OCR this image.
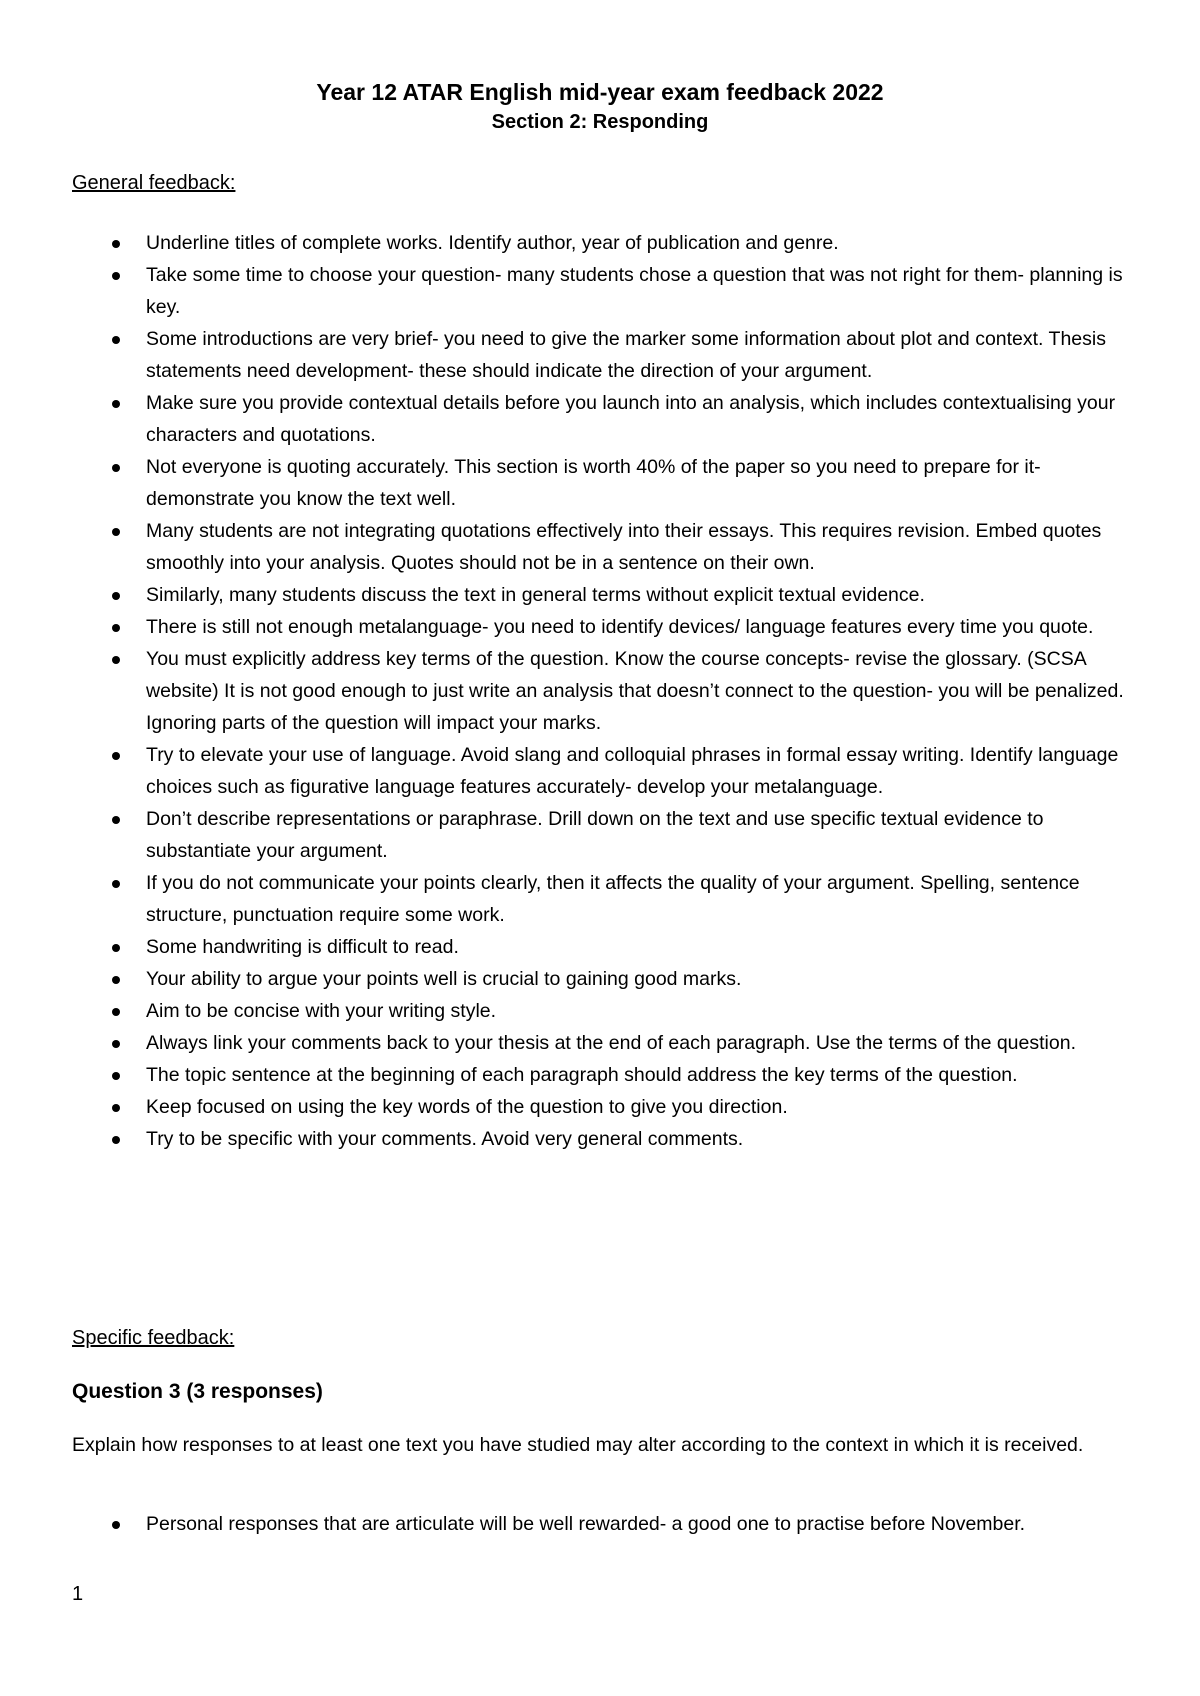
Year 12 ATAR English mid-year exam feedback 2022
Section 2: Responding
General feedback:
Underline titles of complete works. Identify author, year of publication and genre.
Take some time to choose your question- many students chose a question that was not right for them- planning is key.
Some introductions are very brief- you need to give the marker some information about plot and context. Thesis statements need development- these should indicate the direction of your argument.
Make sure you provide contextual details before you launch into an analysis, which includes contextualising your characters and quotations.
Not everyone is quoting accurately. This section is worth 40% of the paper so you need to prepare for it- demonstrate you know the text well.
Many students are not integrating quotations effectively into their essays. This requires revision. Embed quotes smoothly into your analysis. Quotes should not be in a sentence on their own.
Similarly, many students discuss the text in general terms without explicit textual evidence.
There is still not enough metalanguage- you need to identify devices/ language features every time you quote.
You must explicitly address key terms of the question. Know the course concepts- revise the glossary. (SCSA website) It is not good enough to just write an analysis that doesn’t connect to the question- you will be penalized. Ignoring parts of the question will impact your marks.
Try to elevate your use of language. Avoid slang and colloquial phrases in formal essay writing. Identify language choices such as figurative language features accurately- develop your metalanguage.
Don’t describe representations or paraphrase. Drill down on the text and use specific textual evidence to substantiate your argument.
If you do not communicate your points clearly, then it affects the quality of your argument. Spelling, sentence structure, punctuation require some work.
Some handwriting is difficult to read.
Your ability to argue your points well is crucial to gaining good marks.
Aim to be concise with your writing style.
Always link your comments back to your thesis at the end of each paragraph. Use the terms of the question.
The topic sentence at the beginning of each paragraph should address the key terms of the question.
Keep focused on using the key words of the question to give you direction.
Try to be specific with your comments. Avoid very general comments.
Specific feedback:
Question 3 (3 responses)
Explain how responses to at least one text you have studied may alter according to the context in which it is received.
Personal responses that are articulate will be well rewarded- a good one to practise before November.
1
